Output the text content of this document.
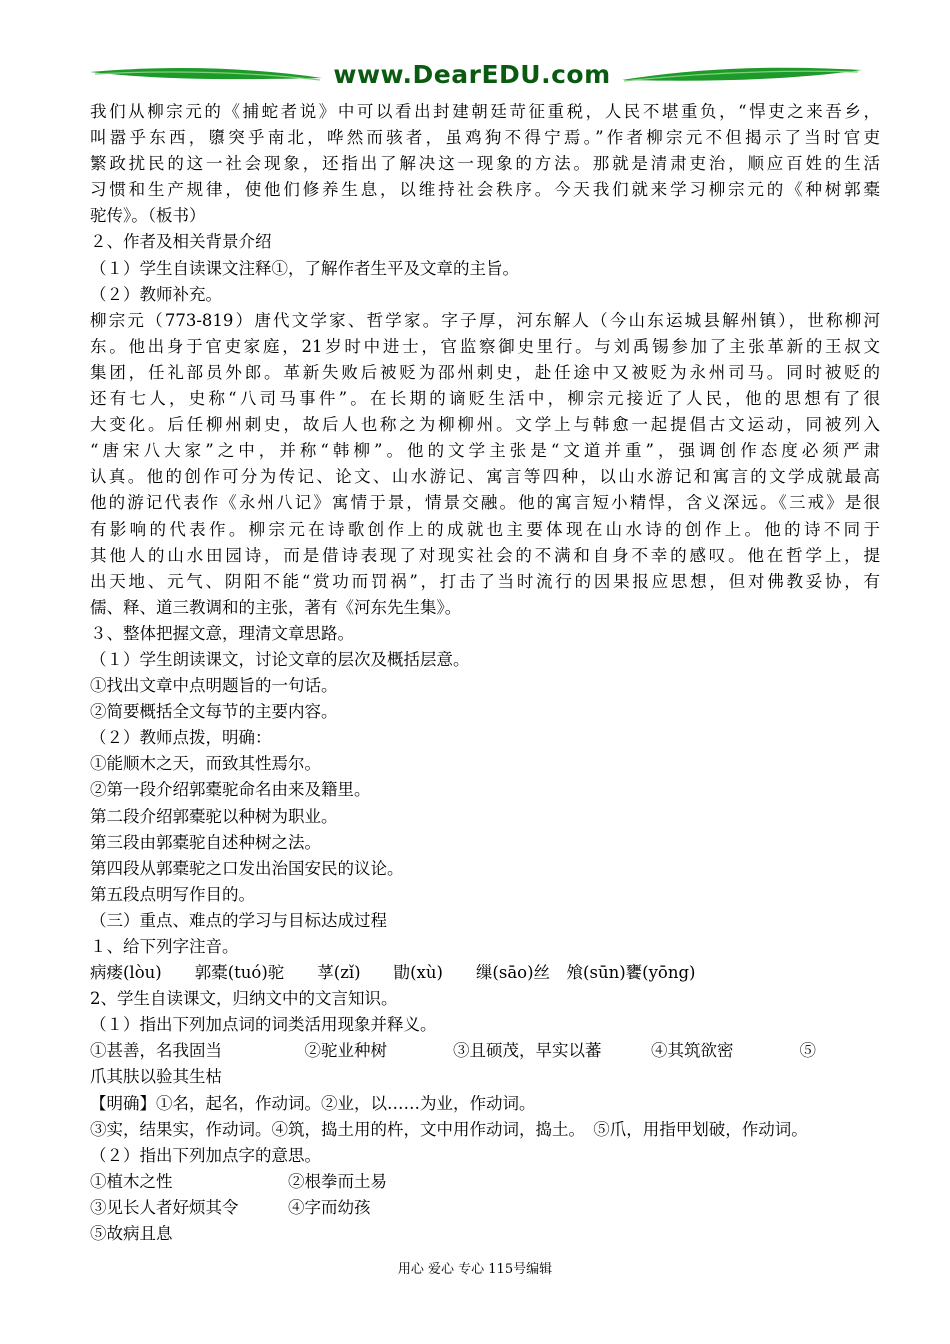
www.DearEDU.com
我们从柳宗元的《捕蛇者说》中可以看出封建朝廷苛征重税，人民不堪重负，“悍吏之来吾乡，
叫嚣乎东西，隳突乎南北，哗然而骇者，虽鸡狗不得宁焉。”作者柳宗元不但揭示了当时官吏
繁政扰民的这一社会现象，还指出了解决这一现象的方法。那就是清肃吏治，顺应百姓的生活
习惯和生产规律，使他们修养生息，以维持社会秩序。今天我们就来学习柳宗元的《种树郭橐
驼传》。（板书）
２、作者及相关背景介绍
（１）学生自读课文注释①，了解作者生平及文章的主旨。
（２）教师补充。
柳宗元（773-819）唐代文学家、哲学家。字子厚，河东解人（今山东运城县解州镇），世称柳河
东。他出身于官吏家庭，21岁时中进士，官监察御史里行。与刘禹锡参加了主张革新的王叔文
集团，任礼部员外郎。革新失败后被贬为邵州刺史，赴任途中又被贬为永州司马。同时被贬的
还有七人，史称“八司马事件”。在长期的谪贬生活中，柳宗元接近了人民，他的思想有了很
大变化。后任柳州刺史，故后人也称之为柳柳州。文学上与韩愈一起提倡古文运动，同被列入
“唐宋八大家”之中，并称“韩柳”。他的文学主张是“文道并重”，强调创作态度必须严肃
认真。他的创作可分为传记、论文、山水游记、寓言等四种，以山水游记和寓言的文学成就最高
他的游记代表作《永州八记》寓情于景，情景交融。他的寓言短小精悍，含义深远。《三戒》是很
有影响的代表作。柳宗元在诗歌创作上的成就也主要体现在山水诗的创作上。他的诗不同于
其他人的山水田园诗，而是借诗表现了对现实社会的不满和自身不幸的感叹。他在哲学上，提
出天地、元气、阴阳不能“赏功而罚祸”，打击了当时流行的因果报应思想，但对佛教妥协，有
儒、释、道三教调和的主张，著有《河东先生集》。
３、整体把握文意，理清文章思路。
（１）学生朗读课文，讨论文章的层次及概括层意。
①找出文章中点明题旨的一句话。
②简要概括全文每节的主要内容。
（２）教师点拨，明确：
①能顺木之天，而致其性焉尔。
②第一段介绍郭橐驼命名由来及籍里。
第二段介绍郭橐驼以种树为职业。
第三段由郭橐驼自述种树之法。
第四段从郭橐驼之口发出治国安民的议论。
第五段点明写作目的。
（三）重点、难点的学习与目标达成过程
１、给下列字注音。
病瘘(lòu)　　郭橐(tuó)驼　　莩(zǐ)　　勖(xù)　　缫(sāo)丝　飧(sūn)饔(yōng)
2、学生自读课文，归纳文中的文言知识。
（１）指出下列加点词的词类活用现象并释义。
①甚善，名我固当　　　　　②驼业种树　　　　③且硕茂，早实以蕃　　　④其筑欲密　　　　⑤
爪其肤以验其生枯
【明确】①名，起名，作动词。②业，以……为业，作动词。
③实，结果实，作动词。④筑，捣土用的杵，文中用作动词，捣土。　⑤爪，用指甲划破，作动词。
（２）指出下列加点字的意思。
①植木之性　　　　　　　②根拳而土易
③见长人者好烦其令　　　④字而幼孩
⑤故病且息
用心 爱心 专心 115号编辑
